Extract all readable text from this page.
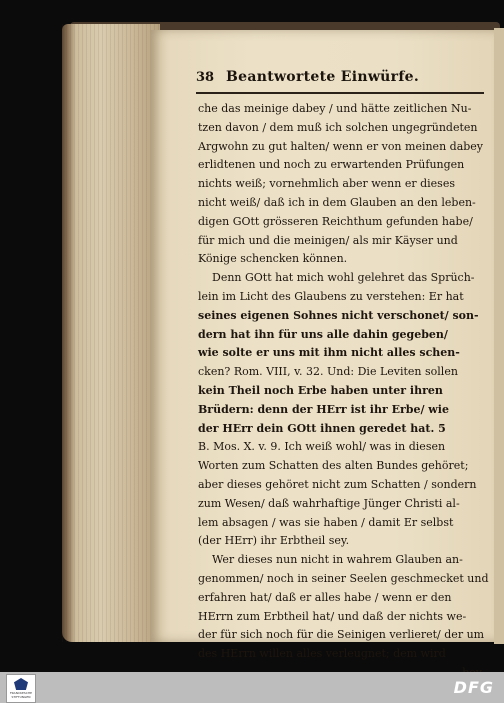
38 Beantwortete Einwürfe.
che das meinige dabey / und hätte zeitlichen Nu-
tzen davon / dem muß ich solchen ungegründeten
Argwohn zu gut halten/ wenn er von meinen dabey
erlidtenen und noch zu erwartenden Prüfungen
nichts weiß; vornehmlich aber wenn er dieses
nicht weiß/ daß ich in dem Glauben an den leben-
digen GOtt grösseren Reichthum gefunden habe/
für mich und die meinigen/ als mir Käyser und
Könige schencken können.
Denn GOtt hat mich wohl gelehret das Sprüch-
lein im Licht des Glaubens zu verstehen: Er hat
seines eigenen Sohnes nicht verschonet/ son-
dern hat ihn für uns alle dahin gegeben/
wie solte er uns mit ihm nicht alles schen-
cken? Rom. VIII, v. 32. Und: Die Leviten sollen
kein Theil noch Erbe haben unter ihren
Brüdern: denn der HErr ist ihr Erbe/ wie
der HErr dein GOtt ihnen geredet hat. 5
B. Mos. X. v. 9. Ich weiß wohl/ was in diesen
Worten zum Schatten des alten Bundes gehöret;
aber dieses gehöret nicht zum Schatten / sondern
zum Wesen/ daß wahrhaftige Jünger Christi al-
lem absagen / was sie haben / damit Er selbst
(der HErr) ihr Erbtheil sey.
Wer dieses nun nicht in wahrem Glauben an-
genommen/ noch in seiner Seelen geschmecket und
erfahren hat/ daß er alles habe / wenn er den
HErrn zum Erbtheil hat/ und daß der nichts we-
der für sich noch für die Seinigen verlieret/ der um
des HErrn willen alles verleugnet; dem wird
FRANCKESCHE STIFTUNGEN	DFG
